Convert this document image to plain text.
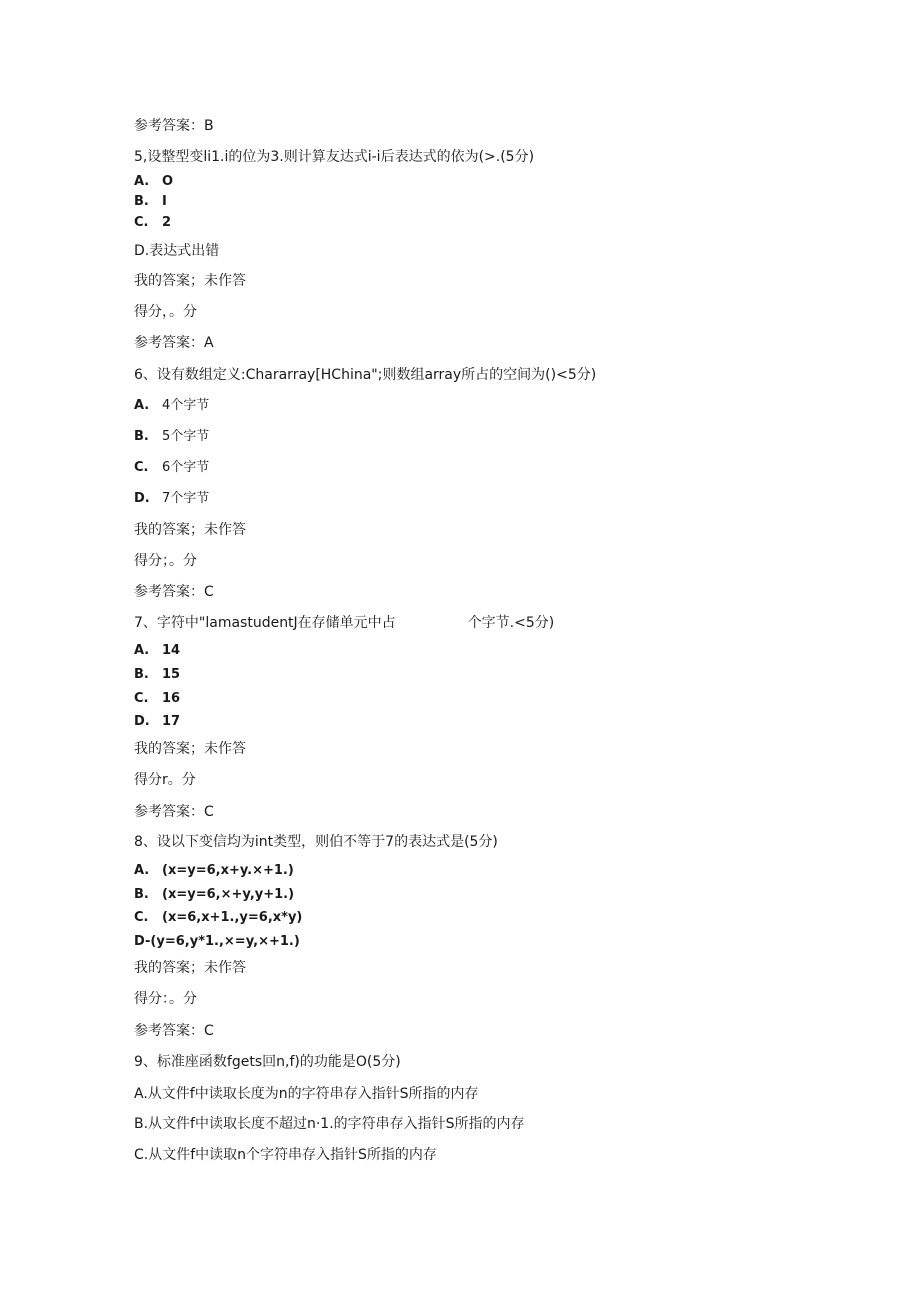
参考答案：B
5,设整型变li1.i的位为3.则计算友达式i-i后表达式的依为(>.(5分)
A. O
B. I
C. 2
D.表达式出错
我的答案；未作答
得分，。分
参考答案：A
6、设有数组定义:Chararray[HChina";则数组array所占的空间为()<5分)
A. 4个字节
B. 5个字节
C. 6个字节
D. 7个字节
我的答案；未作答
得分；。分
参考答案：C
7、字符中"lamastudentJ在存储单元中占	个字节.<5分)
A. 14
B. 15
C. 16
D. 17
我的答案；未作答
得分r。分
参考答案：C
8、设以下变信均为int类型，则伯不等于7的表达式是(5分)
A. (x=y=6,x+y.×+1.)
B. (x=y=6,×+y,y+1.)
C. (x=6,x+1.,y=6,x*y)
D-(y=6,y*1.,×=y,×+1.)
我的答案；未作答
得分：。分
参考答案：C
9、标准座函数fgets回n,f)的功能是O(5分)
A.从文件f中读取长度为n的字符串存入指针S所指的内存
B.从文件f中读取长度不超过n·1.的字符串存入指针S所指的内存
C.从文件f中读取n个字符串存入指针S所指的内存
